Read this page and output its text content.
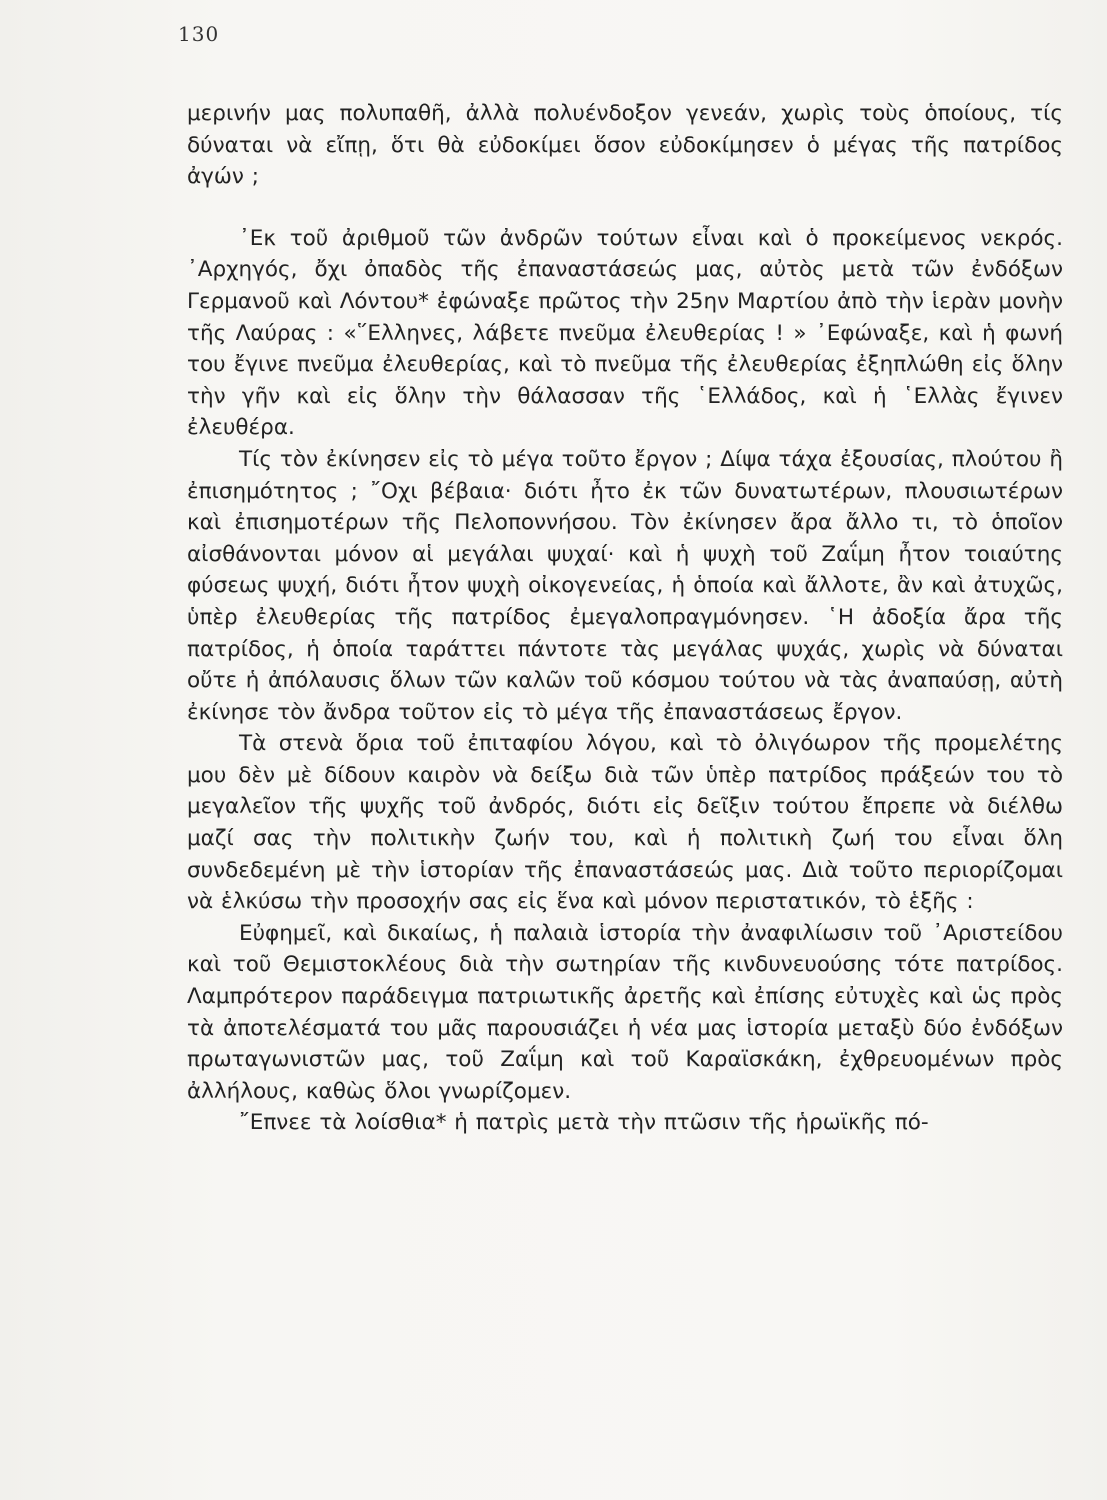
130

μερινήν μας πολυπαθῆ, ἀλλὰ πολυένδοξον γενεάν, χωρὶς τοὺς ὁποίους, τίς δύναται νὰ εἴπῃ, ὅτι θὰ εὐδοκίμει ὅσον εὐδοκίμησεν ὁ μέγας τῆς πατρίδος ἀγών ;

᾿Εκ τοῦ ἀριθμοῦ τῶν ἀνδρῶν τούτων εἶναι καὶ ὁ προκείμενος νεκρός. ᾿Αρχηγός, ὄχι ὀπαδὸς τῆς ἐπαναστάσεώς μας, αὐτὸς μετὰ τῶν ἐνδόξων Γερμανοῦ καὶ Λόντου* ἐφώναξε πρῶτος τὴν 25ην Μαρτίου ἀπὸ τὴν ἱερὰν μονὴν τῆς Λαύρας : «῞Ελληνες, λάβετε πνεῦμα ἐλευθερίας ! » ᾿Εφώναξε, καὶ ἡ φωνή του ἔγινε πνεῦμα ἐλευθερίας, καὶ τὸ πνεῦμα τῆς ἐλευθερίας ἐξηπλώθη εἰς ὅλην τὴν γῆν καὶ εἰς ὅλην τὴν θάλασσαν τῆς ῾Ελλάδος, καὶ ἡ ῾Ελλὰς ἔγινεν ἐλευθέρα.

Τίς τὸν ἐκίνησεν εἰς τὸ μέγα τοῦτο ἔργον ; Δίψα τάχα ἐξουσίας, πλούτου ἢ ἐπισημότητος ; ῎Οχι βέβαια· διότι ἦτο ἐκ τῶν δυνατωτέρων, πλουσιωτέρων καὶ ἐπισημοτέρων τῆς Πελοποννήσου. Τὸν ἐκίνησεν ἄρα ἄλλο τι, τὸ ὁποῖον αἰσθάνονται μόνον αἱ μεγάλαι ψυχαί· καὶ ἡ ψυχὴ τοῦ Ζαΐμη ἦτον τοιαύτης φύσεως ψυχή, διότι ἦτον ψυχὴ οἰκογενείας, ἡ ὁποία καὶ ἄλλοτε, ἂν καὶ ἀτυχῶς, ὑπὲρ ἐλευθερίας τῆς πατρίδος ἐμεγαλοπραγμόνησεν. ῾Η ἀδοξία ἄρα τῆς πατρίδος, ἡ ὁποία ταράττει πάντοτε τὰς μεγάλας ψυχάς, χωρὶς νὰ δύναται οὔτε ἡ ἀπόλαυσις ὅλων τῶν καλῶν τοῦ κόσμου τούτου νὰ τὰς ἀναπαύσῃ, αὐτὴ ἐκίνησε τὸν ἄνδρα τοῦτον εἰς τὸ μέγα τῆς ἐπαναστάσεως ἔργον.

Τὰ στενὰ ὅρια τοῦ ἐπιταφίου λόγου, καὶ τὸ ὀλιγόωρον τῆς προμελέτης μου δὲν μὲ δίδουν καιρὸν νὰ δείξω διὰ τῶν ὑπὲρ πατρίδος πράξεών του τὸ μεγαλεῖον τῆς ψυχῆς τοῦ ἀνδρός, διότι εἰς δεῖξιν τούτου ἔπρεπε νὰ διέλθω μαζί σας τὴν πολιτικὴν ζωήν του, καὶ ἡ πολιτικὴ ζωή του εἶναι ὅλη συνδεδεμένη μὲ τὴν ἱστορίαν τῆς ἐπαναστάσεώς μας. Διὰ τοῦτο περιορίζομαι νὰ ἑλκύσω τὴν προσοχήν σας εἰς ἕνα καὶ μόνον περιστατικόν, τὸ ἑξῆς :

Εὐφημεῖ, καὶ δικαίως, ἡ παλαιὰ ἱστορία τὴν ἀναφιλίωσιν τοῦ ᾿Αριστείδου καὶ τοῦ Θεμιστοκλέους διὰ τὴν σωτηρίαν τῆς κινδυνευούσης τότε πατρίδος. Λαμπρότερον παράδειγμα πατριωτικῆς ἀρετῆς καὶ ἐπίσης εὐτυχὲς καὶ ὡς πρὸς τὰ ἀποτελέσματά του μᾶς παρουσιάζει ἡ νέα μας ἱστορία μεταξὺ δύο ἐνδόξων πρωταγωνιστῶν μας, τοῦ Ζαΐμη καὶ τοῦ Καραϊσκάκη, ἐχθρευομένων πρὸς ἀλλήλους, καθὼς ὅλοι γνωρίζομεν.

῎Επνεε τὰ λοίσθια* ἡ πατρὶς μετὰ τὴν πτῶσιν τῆς ἡρωϊκῆς πό-
